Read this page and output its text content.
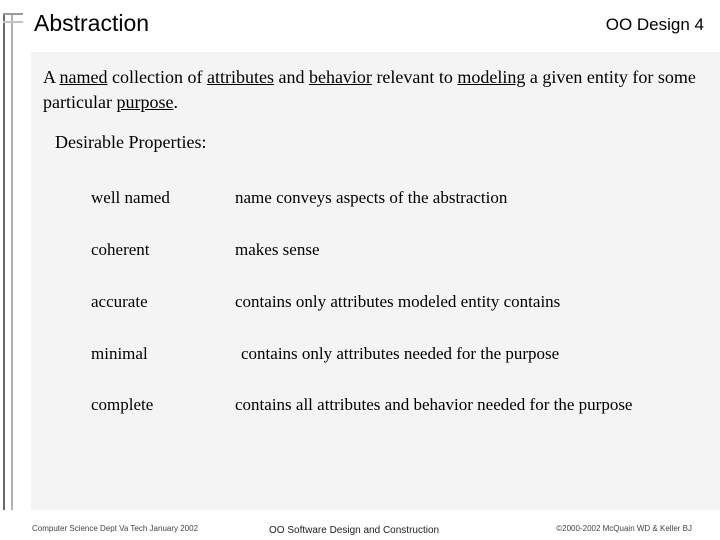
Abstraction	OO Design 4
A named collection of attributes and behavior relevant to modeling a given entity for some particular purpose.
Desirable Properties:
well named	name conveys aspects of the abstraction
coherent	makes sense
accurate	contains only attributes modeled entity contains
minimal	contains only attributes needed for the purpose
complete	contains all attributes and behavior needed for the purpose
Computer Science Dept Va Tech January 2002	OO Software Design and Construction	©2000-2002 McQuain WD & Keller BJ
